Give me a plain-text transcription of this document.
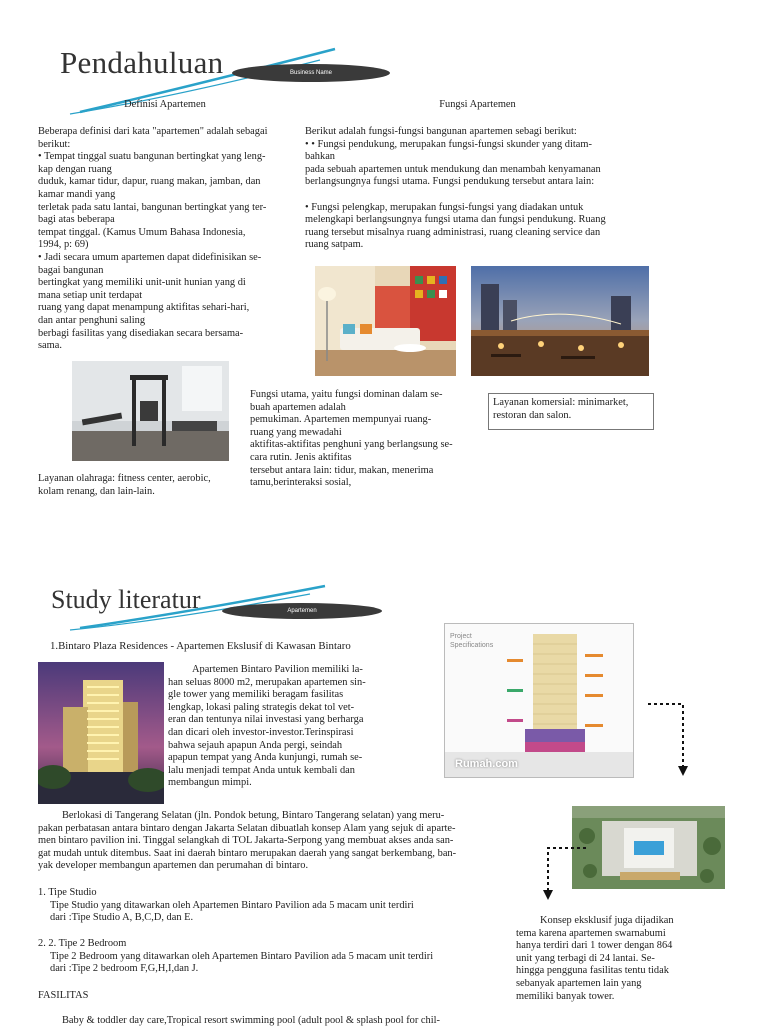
Pendahuluan	Business Name
Definisi Apartemen	Fungsi Apartemen
Beberapa definisi dari kata "apartemen" adalah sebagai
berikut:
• Tempat tinggal suatu bangunan bertingkat yang leng-
kap dengan ruang
duduk, kamar tidur, dapur, ruang makan, jamban, dan
kamar mandi yang
terletak pada satu lantai, bangunan bertingkat yang ter-
bagi atas beberapa
tempat tinggal. (Kamus Umum Bahasa Indonesia,
1994, p: 69)
• Jadi secara umum apartemen dapat didefinisikan se-
bagai bangunan
bertingkat yang memiliki unit-unit hunian yang di
mana setiap unit terdapat
ruang yang dapat menampung aktifitas sehari-hari,
dan antar penghuni saling
berbagi fasilitas yang disediakan secara bersama-
sama.
Berikut adalah fungsi-fungsi bangunan apartemen sebagi berikut:
• • Fungsi pendukung, merupakan fungsi-fungsi skunder yang ditam-
bahkan
pada sebuah apartemen untuk mendukung dan menambah kenyamanan
berlangsungnya fungsi utama. Fungsi pendukung tersebut antara lain:
• Fungsi pelengkap, merupakan fungsi-fungsi yang diadakan untuk
melengkapi berlangsungnya fungsi utama dan fungsi pendukung. Ruang
ruang tersebut misalnya ruang administrasi, ruang cleaning service dan
ruang satpam.
Layanan olahraga: fitness center, aerobic,
kolam renang, dan lain-lain.
Fungsi utama, yaitu fungsi dominan dalam se-
buah apartemen adalah
pemukiman. Apartemen mempunyai ruang-
ruang yang mewadahi
aktifitas-aktifitas penghuni yang berlangsung se-
cara rutin. Jenis aktifitas
tersebut antara lain: tidur, makan, menerima
tamu,berinteraksi sosial,
Layanan komersial: minimarket,
restoran dan salon.
Study literatur	Apartemen
1.Bintaro Plaza Residences - Apartemen Ekslusif di Kawasan Bintaro
Apartemen Bintaro Pavilion memiliki la-
han seluas 8000 m2, merupakan apartemen sin-
gle tower yang memiliki beragam fasilitas
lengkap, lokasi paling strategis dekat tol vet-
eran dan tentunya nilai investasi yang berharga
dan dicari oleh investor-investor.Terinspirasi
bahwa sejauh apapun Anda pergi, seindah
apapun tempat yang Anda kunjungi, rumah se-
lalu menjadi tempat Anda untuk kembali dan
membangun mimpi.
Berlokasi di Tangerang Selatan (jln. Pondok betung, Bintaro Tangerang selatan) yang meru-
pakan perbatasan antara bintaro dengan Jakarta Selatan dibuatlah konsep Alam yang sejuk di aparte-
men bintaro pavilion ini. Tinggal selangkah di TOL Jakarta-Serpong yang membuat akses anda san-
gat mudah untuk ditembus. Saat ini daerah bintaro merupakan daerah yang sangat berkembang, ban-
yak developer membangun apartemen dan perumahan di bintaro.
1. Tipe Studio
Tipe Studio yang ditawarkan oleh Apartemen Bintaro Pavilion ada 5 macam unit terdiri
dari :Tipe Studio A, B,C,D, dan E.
2. 2. Tipe 2 Bedroom
Tipe 2 Bedroom yang ditawarkan oleh Apartemen Bintaro Pavilion ada 5 macam unit terdiri
dari :Tipe 2 bedroom F,G,H,I,dan J.
FASILITAS
Baby & toddler day care,Tropical resort swimming pool (adult pool & splash pool for chil-
Project
Specifications
Rumah.com
Konsep eksklusif juga dijadikan
tema karena apartemen swarnabumi
hanya terdiri dari 1 tower dengan 864
unit yang terbagi di 24 lantai. Se-
hingga pengguna fasilitas tentu tidak
sebanyak apartemen lain yang
memiliki banyak tower.
